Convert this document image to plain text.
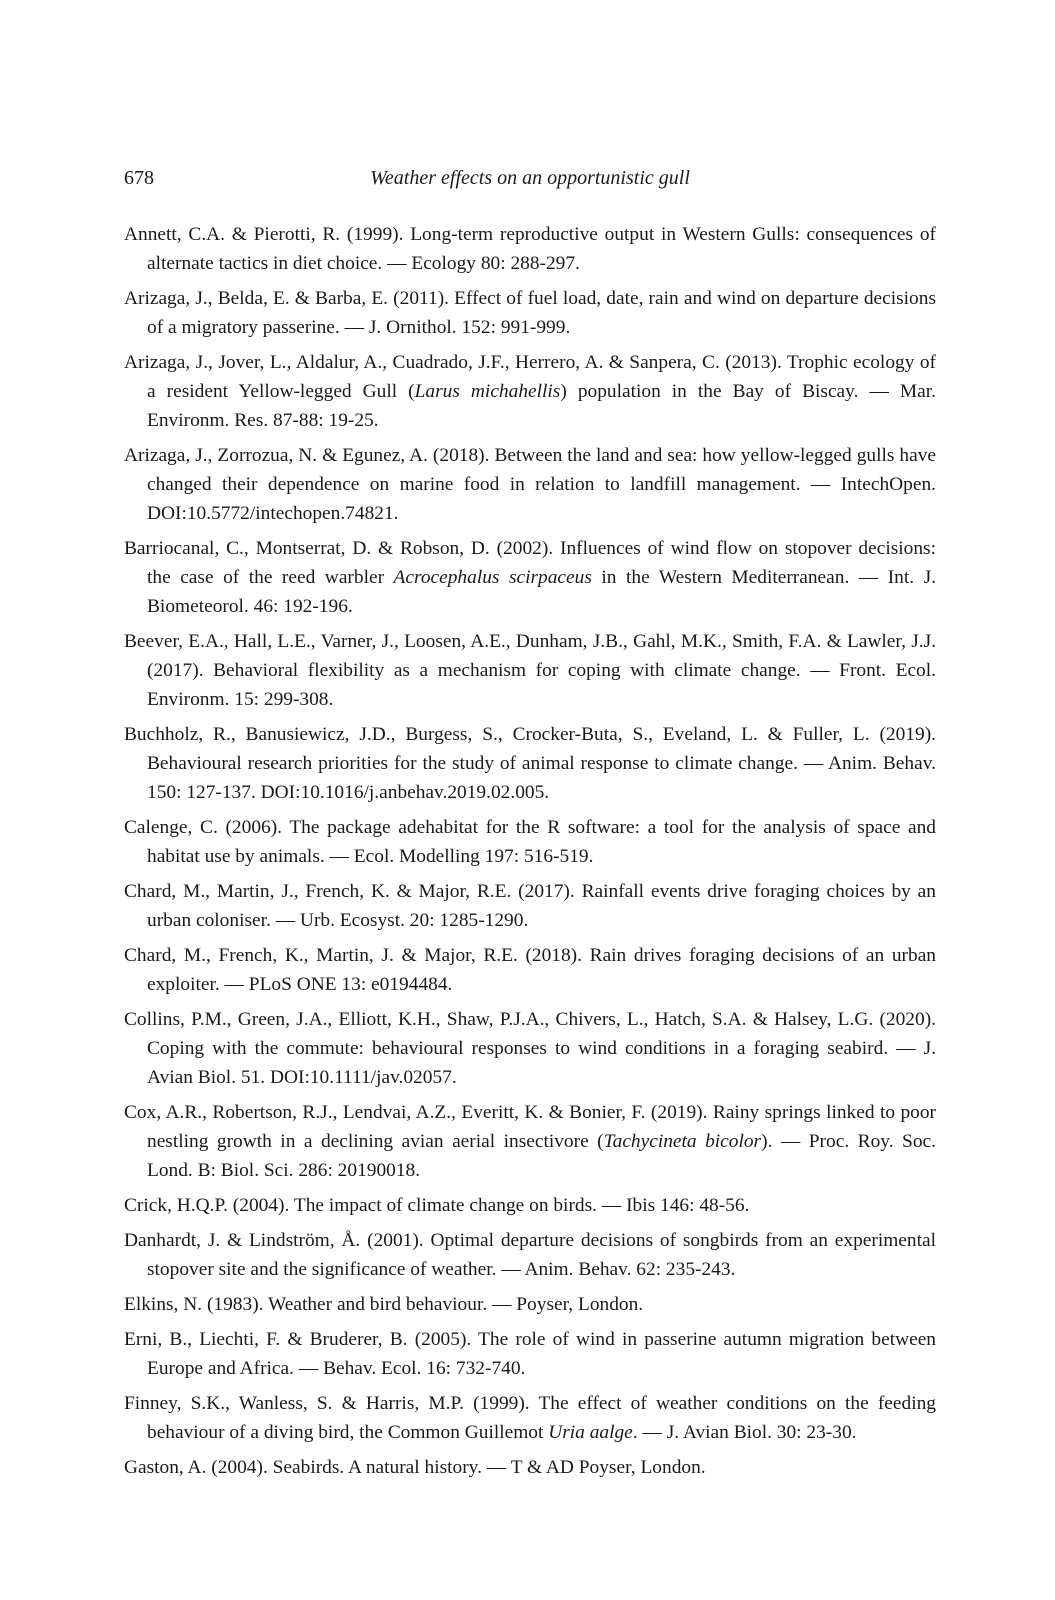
678	Weather effects on an opportunistic gull

Annett, C.A. & Pierotti, R. (1999). Long-term reproductive output in Western Gulls: consequences of alternate tactics in diet choice. — Ecology 80: 288-297.

Arizaga, J., Belda, E. & Barba, E. (2011). Effect of fuel load, date, rain and wind on departure decisions of a migratory passerine. — J. Ornithol. 152: 991-999.

Arizaga, J., Jover, L., Aldalur, A., Cuadrado, J.F., Herrero, A. & Sanpera, C. (2013). Trophic ecology of a resident Yellow-legged Gull (Larus michahellis) population in the Bay of Biscay. — Mar. Environm. Res. 87-88: 19-25.

Arizaga, J., Zorrozua, N. & Egunez, A. (2018). Between the land and sea: how yellow-legged gulls have changed their dependence on marine food in relation to landfill management. — IntechOpen. DOI:10.5772/intechopen.74821.

Barriocanal, C., Montserrat, D. & Robson, D. (2002). Influences of wind flow on stopover decisions: the case of the reed warbler Acrocephalus scirpaceus in the Western Mediterranean. — Int. J. Biometeorol. 46: 192-196.

Beever, E.A., Hall, L.E., Varner, J., Loosen, A.E., Dunham, J.B., Gahl, M.K., Smith, F.A. & Lawler, J.J. (2017). Behavioral flexibility as a mechanism for coping with climate change. — Front. Ecol. Environm. 15: 299-308.

Buchholz, R., Banusiewicz, J.D., Burgess, S., Crocker-Buta, S., Eveland, L. & Fuller, L. (2019). Behavioural research priorities for the study of animal response to climate change. — Anim. Behav. 150: 127-137. DOI:10.1016/j.anbehav.2019.02.005.

Calenge, C. (2006). The package adehabitat for the R software: a tool for the analysis of space and habitat use by animals. — Ecol. Modelling 197: 516-519.

Chard, M., Martin, J., French, K. & Major, R.E. (2017). Rainfall events drive foraging choices by an urban coloniser. — Urb. Ecosyst. 20: 1285-1290.

Chard, M., French, K., Martin, J. & Major, R.E. (2018). Rain drives foraging decisions of an urban exploiter. — PLoS ONE 13: e0194484.

Collins, P.M., Green, J.A., Elliott, K.H., Shaw, P.J.A., Chivers, L., Hatch, S.A. & Halsey, L.G. (2020). Coping with the commute: behavioural responses to wind conditions in a foraging seabird. — J. Avian Biol. 51. DOI:10.1111/jav.02057.

Cox, A.R., Robertson, R.J., Lendvai, A.Z., Everitt, K. & Bonier, F. (2019). Rainy springs linked to poor nestling growth in a declining avian aerial insectivore (Tachycineta bicolor). — Proc. Roy. Soc. Lond. B: Biol. Sci. 286: 20190018.

Crick, H.Q.P. (2004). The impact of climate change on birds. — Ibis 146: 48-56.

Danhardt, J. & Lindström, Å. (2001). Optimal departure decisions of songbirds from an experimental stopover site and the significance of weather. — Anim. Behav. 62: 235-243.

Elkins, N. (1983). Weather and bird behaviour. — Poyser, London.

Erni, B., Liechti, F. & Bruderer, B. (2005). The role of wind in passerine autumn migration between Europe and Africa. — Behav. Ecol. 16: 732-740.

Finney, S.K., Wanless, S. & Harris, M.P. (1999). The effect of weather conditions on the feeding behaviour of a diving bird, the Common Guillemot Uria aalge. — J. Avian Biol. 30: 23-30.

Gaston, A. (2004). Seabirds. A natural history. — T & AD Poyser, London.
